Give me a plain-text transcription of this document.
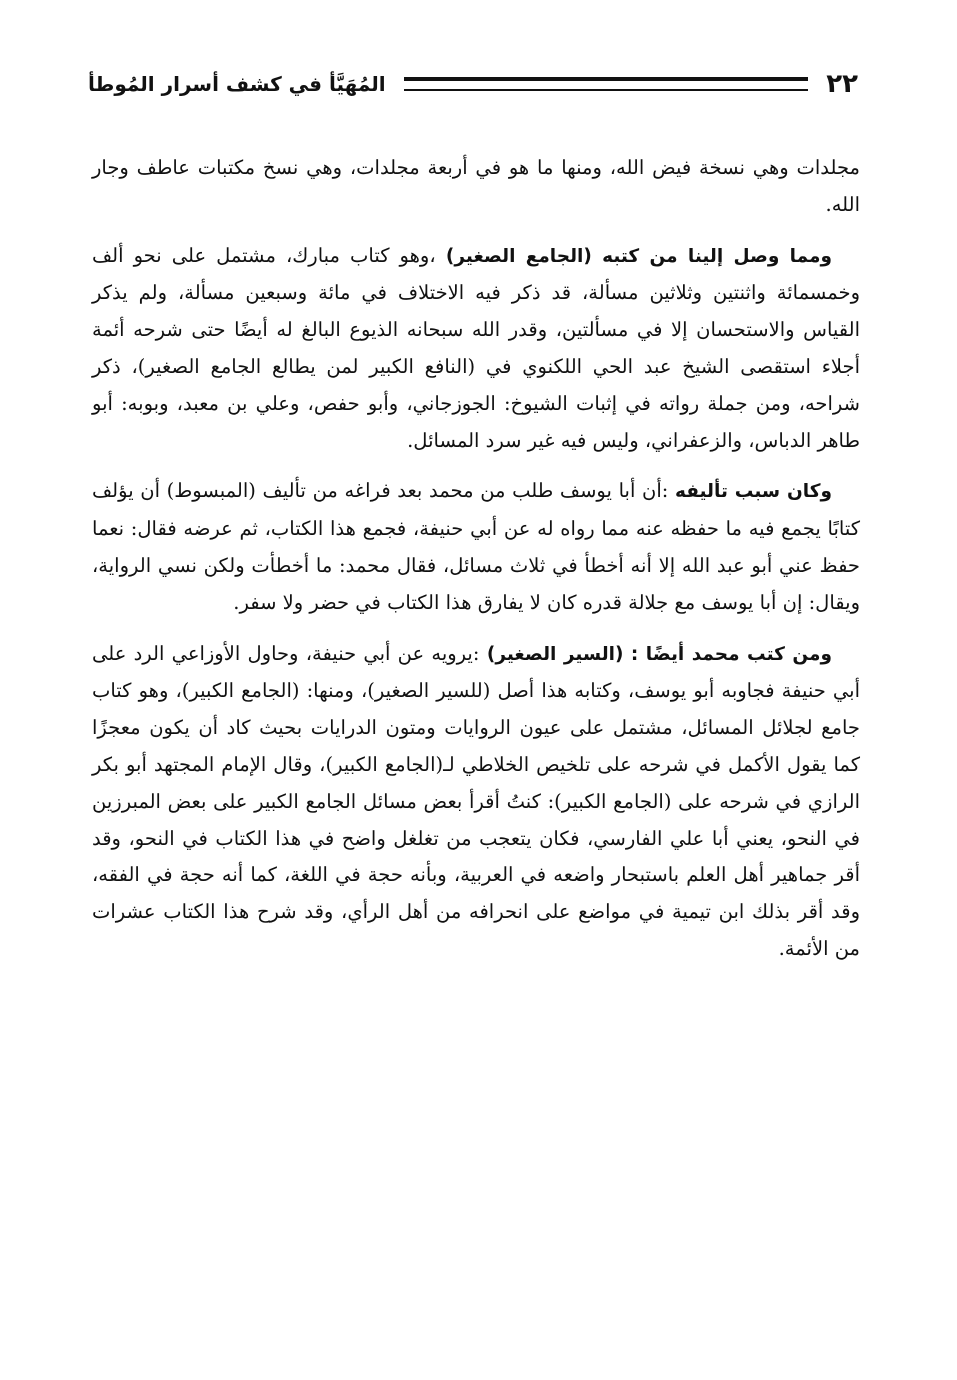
٢٢
المُهَيَّأ في كشف أسرار المُوطأ

مجلدات وهي نسخة فيض الله، ومنها ما هو في أربعة مجلدات، وهي نسخ مكتبات عاطف وجار الله.

ومما وصل إلينا من كتبه (الجامع الصغير) ،وهو كتاب مبارك، مشتمل على نحو ألف وخمسمائة واثنتين وثلاثين مسألة، قد ذكر فيه الاختلاف في مائة وسبعين مسألة، ولم يذكر القياس والاستحسان إلا في مسألتين، وقدر الله سبحانه الذيوع البالغ له أيضًا حتى شرحه أئمة أجلاء استقصى الشيخ عبد الحي اللكنوي في (النافع الكبير لمن يطالع الجامع الصغير)، ذكر شراحه، ومن جملة رواته في إثبات الشيوخ: الجوزجاني، وأبو حفص، وعلي بن معبد، وبوبه: أبو طاهر الدباس، والزعفراني، وليس فيه غير سرد المسائل.

وكان سبب تأليفه :أن أبا يوسف طلب من محمد بعد فراغه من تأليف (المبسوط) أن يؤلف كتابًا يجمع فيه ما حفظه عنه مما رواه له عن أبي حنيفة، فجمع هذا الكتاب، ثم عرضه فقال: نعما حفظ عني أبو عبد الله إلا أنه أخطأ في ثلاث مسائل، فقال محمد: ما أخطأت ولكن نسي الرواية، ويقال: إن أبا يوسف مع جلالة قدره كان لا يفارق هذا الكتاب في حضر ولا سفر.

ومن كتب محمد أيضًا : (السير الصغير) :يرويه عن أبي حنيفة، وحاول الأوزاعي الرد على أبي حنيفة فجاوبه أبو يوسف، وكتابه هذا أصل (للسير الصغير)، ومنها: (الجامع الكبير)، وهو كتاب جامع لجلائل المسائل، مشتمل على عيون الروايات ومتون الدرايات بحيث كاد أن يكون معجزًا كما يقول الأكمل في شرحه على تلخيص الخلاطي لـ(الجامع الكبير)، وقال الإمام المجتهد أبو بكر الرازي في شرحه على (الجامع الكبير): كنتُ أقرأ بعض مسائل الجامع الكبير على بعض المبرزين في النحو، يعني أبا علي الفارسي، فكان يتعجب من تغلغل واضح في هذا الكتاب في النحو، وقد أقر جماهير أهل العلم باستبحار واضعه في العربية، وبأنه حجة في اللغة، كما أنه حجة في الفقه، وقد أقر بذلك ابن تيمية في مواضع على انحرافه من أهل الرأي، وقد شرح هذا الكتاب عشرات من الأئمة.
